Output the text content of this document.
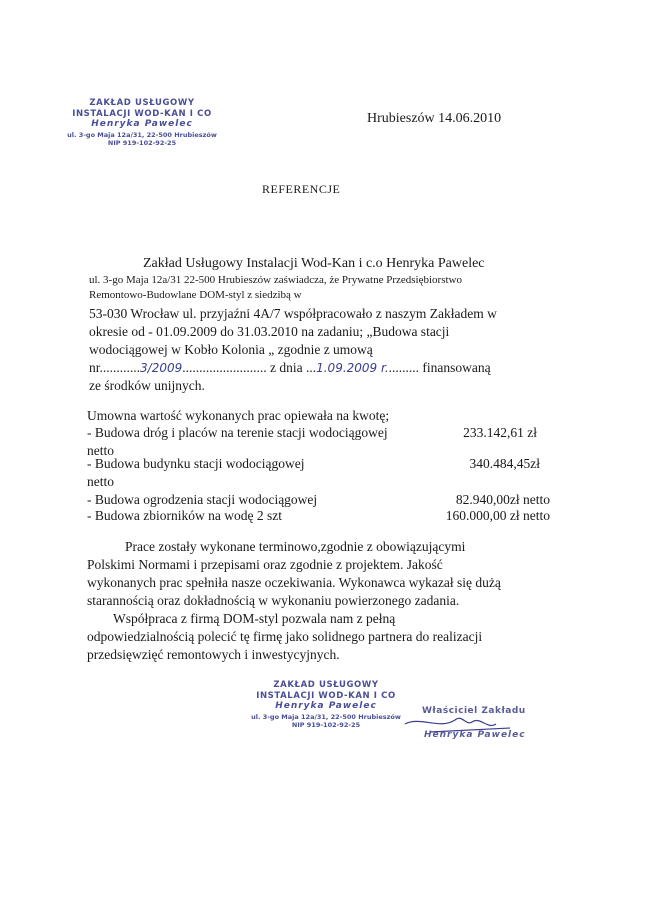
ZAKŁAD USŁUGOWY
INSTALACJI WOD-KAN I CO
Henryka Pawelec
ul. 3-go Maja 12a/31, 22-500 Hrubieszów
NIP 919-102-92-25
Hrubieszów 14.06.2010
REFERENCJE
Zakład Usługowy Instalacji Wod-Kan i c.o Henryka Pawelec
ul. 3-go Maja 12a/31 22-500 Hrubieszów zaświadcza, że Prywatne Przedsiębiorstwo
Remontowo-Budowlane DOM-styl z siedzibą w
53-030 Wrocław ul. przyjaźni 4A/7 współpracowało z naszym Zakładem w
okresie od - 01.09.2009 do 31.03.2010 na zadaniu; „Budowa stacji
wodociągowej w Kobło Kolonia „ zgodnie z umową
nr............3/2009......................... z dnia ...1.09.2009 r.......... finansowaną
ze środków unijnych.
Umowna wartość wykonanych prac opiewała na kwotę;
- Budowa dróg i placów na terenie stacji wodociągowej	233.142,61 zł
netto
- Budowa budynku stacji wodociągowej	340.484,45zł
netto
- Budowa ogrodzenia stacji wodociągowej	82.940,00zł netto
- Budowa zbiorników na wodę 2 szt	160.000,00 zł netto
Prace zostały wykonane terminowo,zgodnie z obowiązującymi
Polskimi Normami i przepisami oraz zgodnie z projektem. Jakość
wykonanych prac spełniła nasze oczekiwania. Wykonawca wykazał się dużą
starannością oraz dokładnością w wykonaniu powierzonego zadania.
Współpraca z firmą DOM-styl pozwala nam z pełną
odpowiedzialnością polecić tę firmę jako solidnego partnera do realizacji
przedsięwzięć remontowych i inwestycyjnych.
ZAKŁAD USŁUGOWY
INSTALACJI WOD-KAN I CO
Henryka Pawelec
ul. 3-go Maja 12a/31, 22-500 Hrubieszów
NIP 919-102-92-25
Właściciel Zakładu
Henryka Pawelec
